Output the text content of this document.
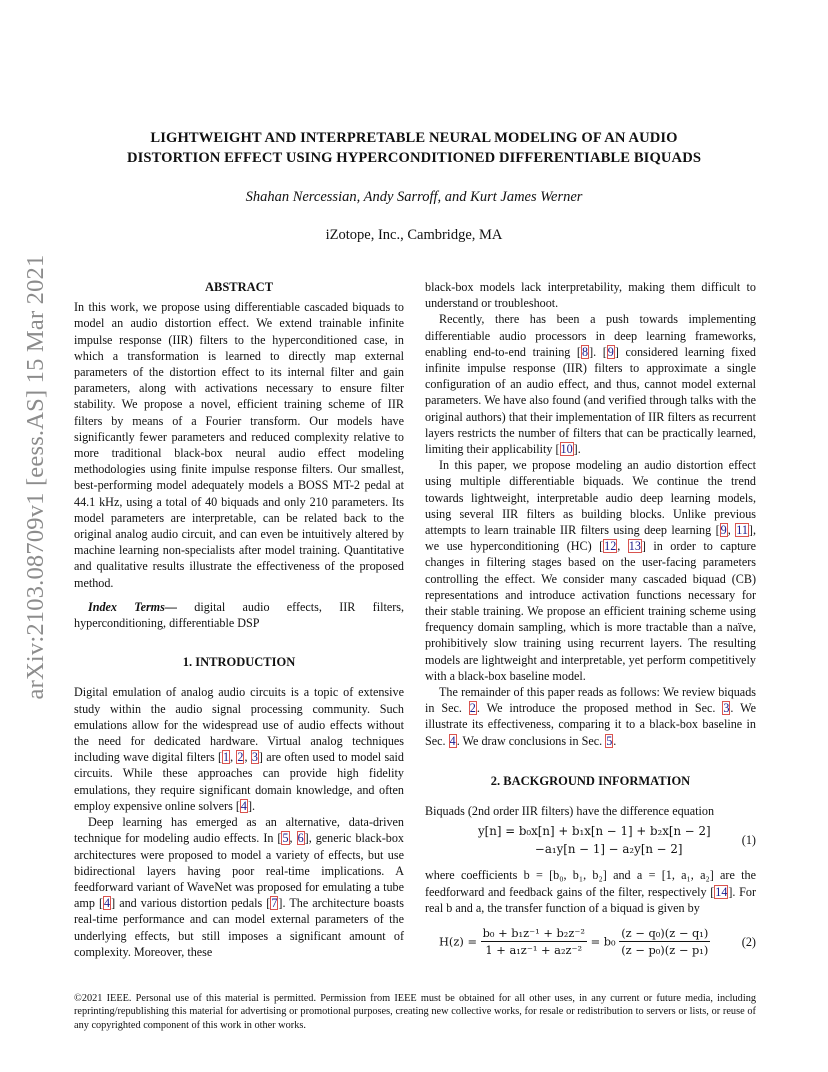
LIGHTWEIGHT AND INTERPRETABLE NEURAL MODELING OF AN AUDIO
DISTORTION EFFECT USING HYPERCONDITIONED DIFFERENTIABLE BIQUADS
Shahan Nercessian, Andy Sarroff, and Kurt James Werner
iZotope, Inc., Cambridge, MA
arXiv:2103.08709v1 [eess.AS] 15 Mar 2021	ABSTRACT

In this work, we propose using differentiable cascaded biquads to model an audio distortion effect. We extend trainable infinite impulse response (IIR) filters to the hyperconditioned case, in which a transformation is learned to directly map external parameters of the distortion effect to its internal filter and gain parameters, along with activations necessary to ensure filter stability. We propose a novel, efficient training scheme of IIR filters by means of a Fourier transform. Our models have significantly fewer parameters and reduced complexity relative to more traditional black-box neural audio effect modeling methodologies using finite impulse response filters. Our smallest, best-performing model adequately models a BOSS MT-2 pedal at 44.1 kHz, using a total of 40 biquads and only 210 parameters. Its model parameters are interpretable, can be related back to the original analog audio circuit, and can even be intuitively altered by machine learning non-specialists after model training. Quantitative and qualitative results illustrate the effectiveness of the proposed method.

Index Terms— digital audio effects, IIR filters, hyperconditioning, differentiable DSP

1. INTRODUCTION

Digital emulation of analog audio circuits is a topic of extensive study within the audio signal processing community. Such emulations allow for the widespread use of audio effects without the need for dedicated hardware. Virtual analog techniques including wave digital filters [1, 2, 3] are often used to model said circuits. While these approaches can provide high fidelity emulations, they require significant domain knowledge, and often employ expensive online solvers [4].

Deep learning has emerged as an alternative, data-driven technique for modeling audio effects. In [5, 6], generic black-box architectures were proposed to model a variety of effects, but use bidirectional layers having poor real-time implications. A feedforward variant of WaveNet was proposed for emulating a tube amp [4] and various distortion pedals [7]. The architecture boasts real-time performance and can model external parameters of the underlying effects, but still imposes a significant amount of complexity. Moreover, these

black-box models lack interpretability, making them difficult to understand or troubleshoot.

Recently, there has been a push towards implementing differentiable audio processors in deep learning frameworks, enabling end-to-end training [8]. [9] considered learning fixed infinite impulse response (IIR) filters to approximate a single configuration of an audio effect, and thus, cannot model external parameters. We have also found (and verified through talks with the original authors) that their implementation of IIR filters as recurrent layers restricts the number of filters that can be practically learned, limiting their applicability [10].

In this paper, we propose modeling an audio distortion effect using multiple differentiable biquads. We continue the trend towards lightweight, interpretable audio deep learning models, using several IIR filters as building blocks. Unlike previous attempts to learn trainable IIR filters using deep learning [9, 11], we use hyperconditioning (HC) [12, 13] in order to capture changes in filtering stages based on the user-facing parameters controlling the effect. We consider many cascaded biquad (CB) representations and introduce activation functions necessary for their stable training. We propose an efficient training scheme using frequency domain sampling, which is more tractable than a naïve, prohibitively slow training using recurrent layers. The resulting models are lightweight and interpretable, yet perform competitively with a black-box baseline model.

The remainder of this paper reads as follows: We review biquads in Sec. 2. We introduce the proposed method in Sec. 3. We illustrate its effectiveness, comparing it to a black-box baseline in Sec. 4. We draw conclusions in Sec. 5.

2. BACKGROUND INFORMATION

Biquads (2nd order IIR filters) have the difference equation

y[n] = b₀x[n] + b₁x[n − 1] + b₂x[n − 2]
−a₁y[n − 1] − a₂y[n − 2]
(1)

where coefficients b = [b₀, b₁, b₂] and a = [1, a₁, a₂] are the feedforward and feedback gains of the filter, respectively [14]. For real b and a, the transfer function of a biquad is given by

$H(z) = \frac{\text{b₀ + b₁z⁻¹ + b₂z⁻²}}{\text{1 + a₁z⁻¹ + a₂z⁻²}} = b_0 \frac{\text{(z − q₀)(z − q₁)}}{\text{(z − p₀)(z − p₁)}}$	(2)
©2021 IEEE. Personal use of this material is permitted. Permission from IEEE must be obtained for all other uses, in any current or future media, including reprinting/republishing this material for advertising or promotional purposes, creating new collective works, for resale or redistribution to servers or lists, or reuse of any copyrighted component of this work in other works.
